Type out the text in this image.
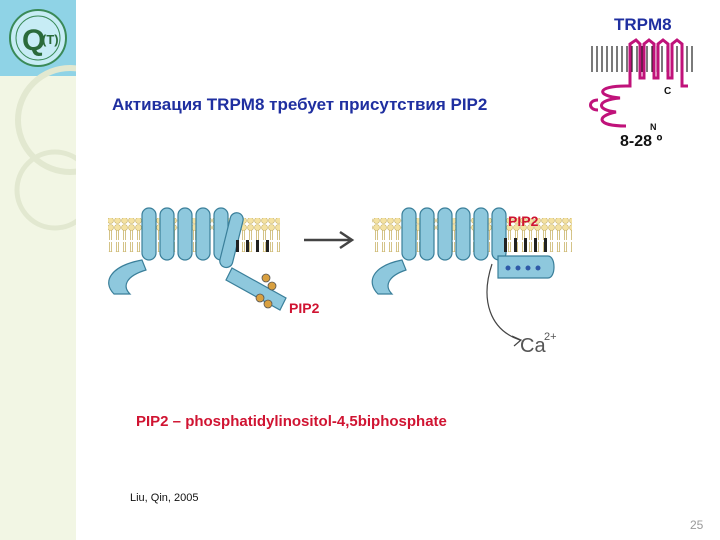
Q
(T)
Активация TRPM8 требует присутствия PIP2
TRPM8
8-28 º
C
N
Ca
2+
PIP2
PIP2
PIP2 – phosphatidylinositol-4,5biphosphate
Liu, Qin, 2005
25
